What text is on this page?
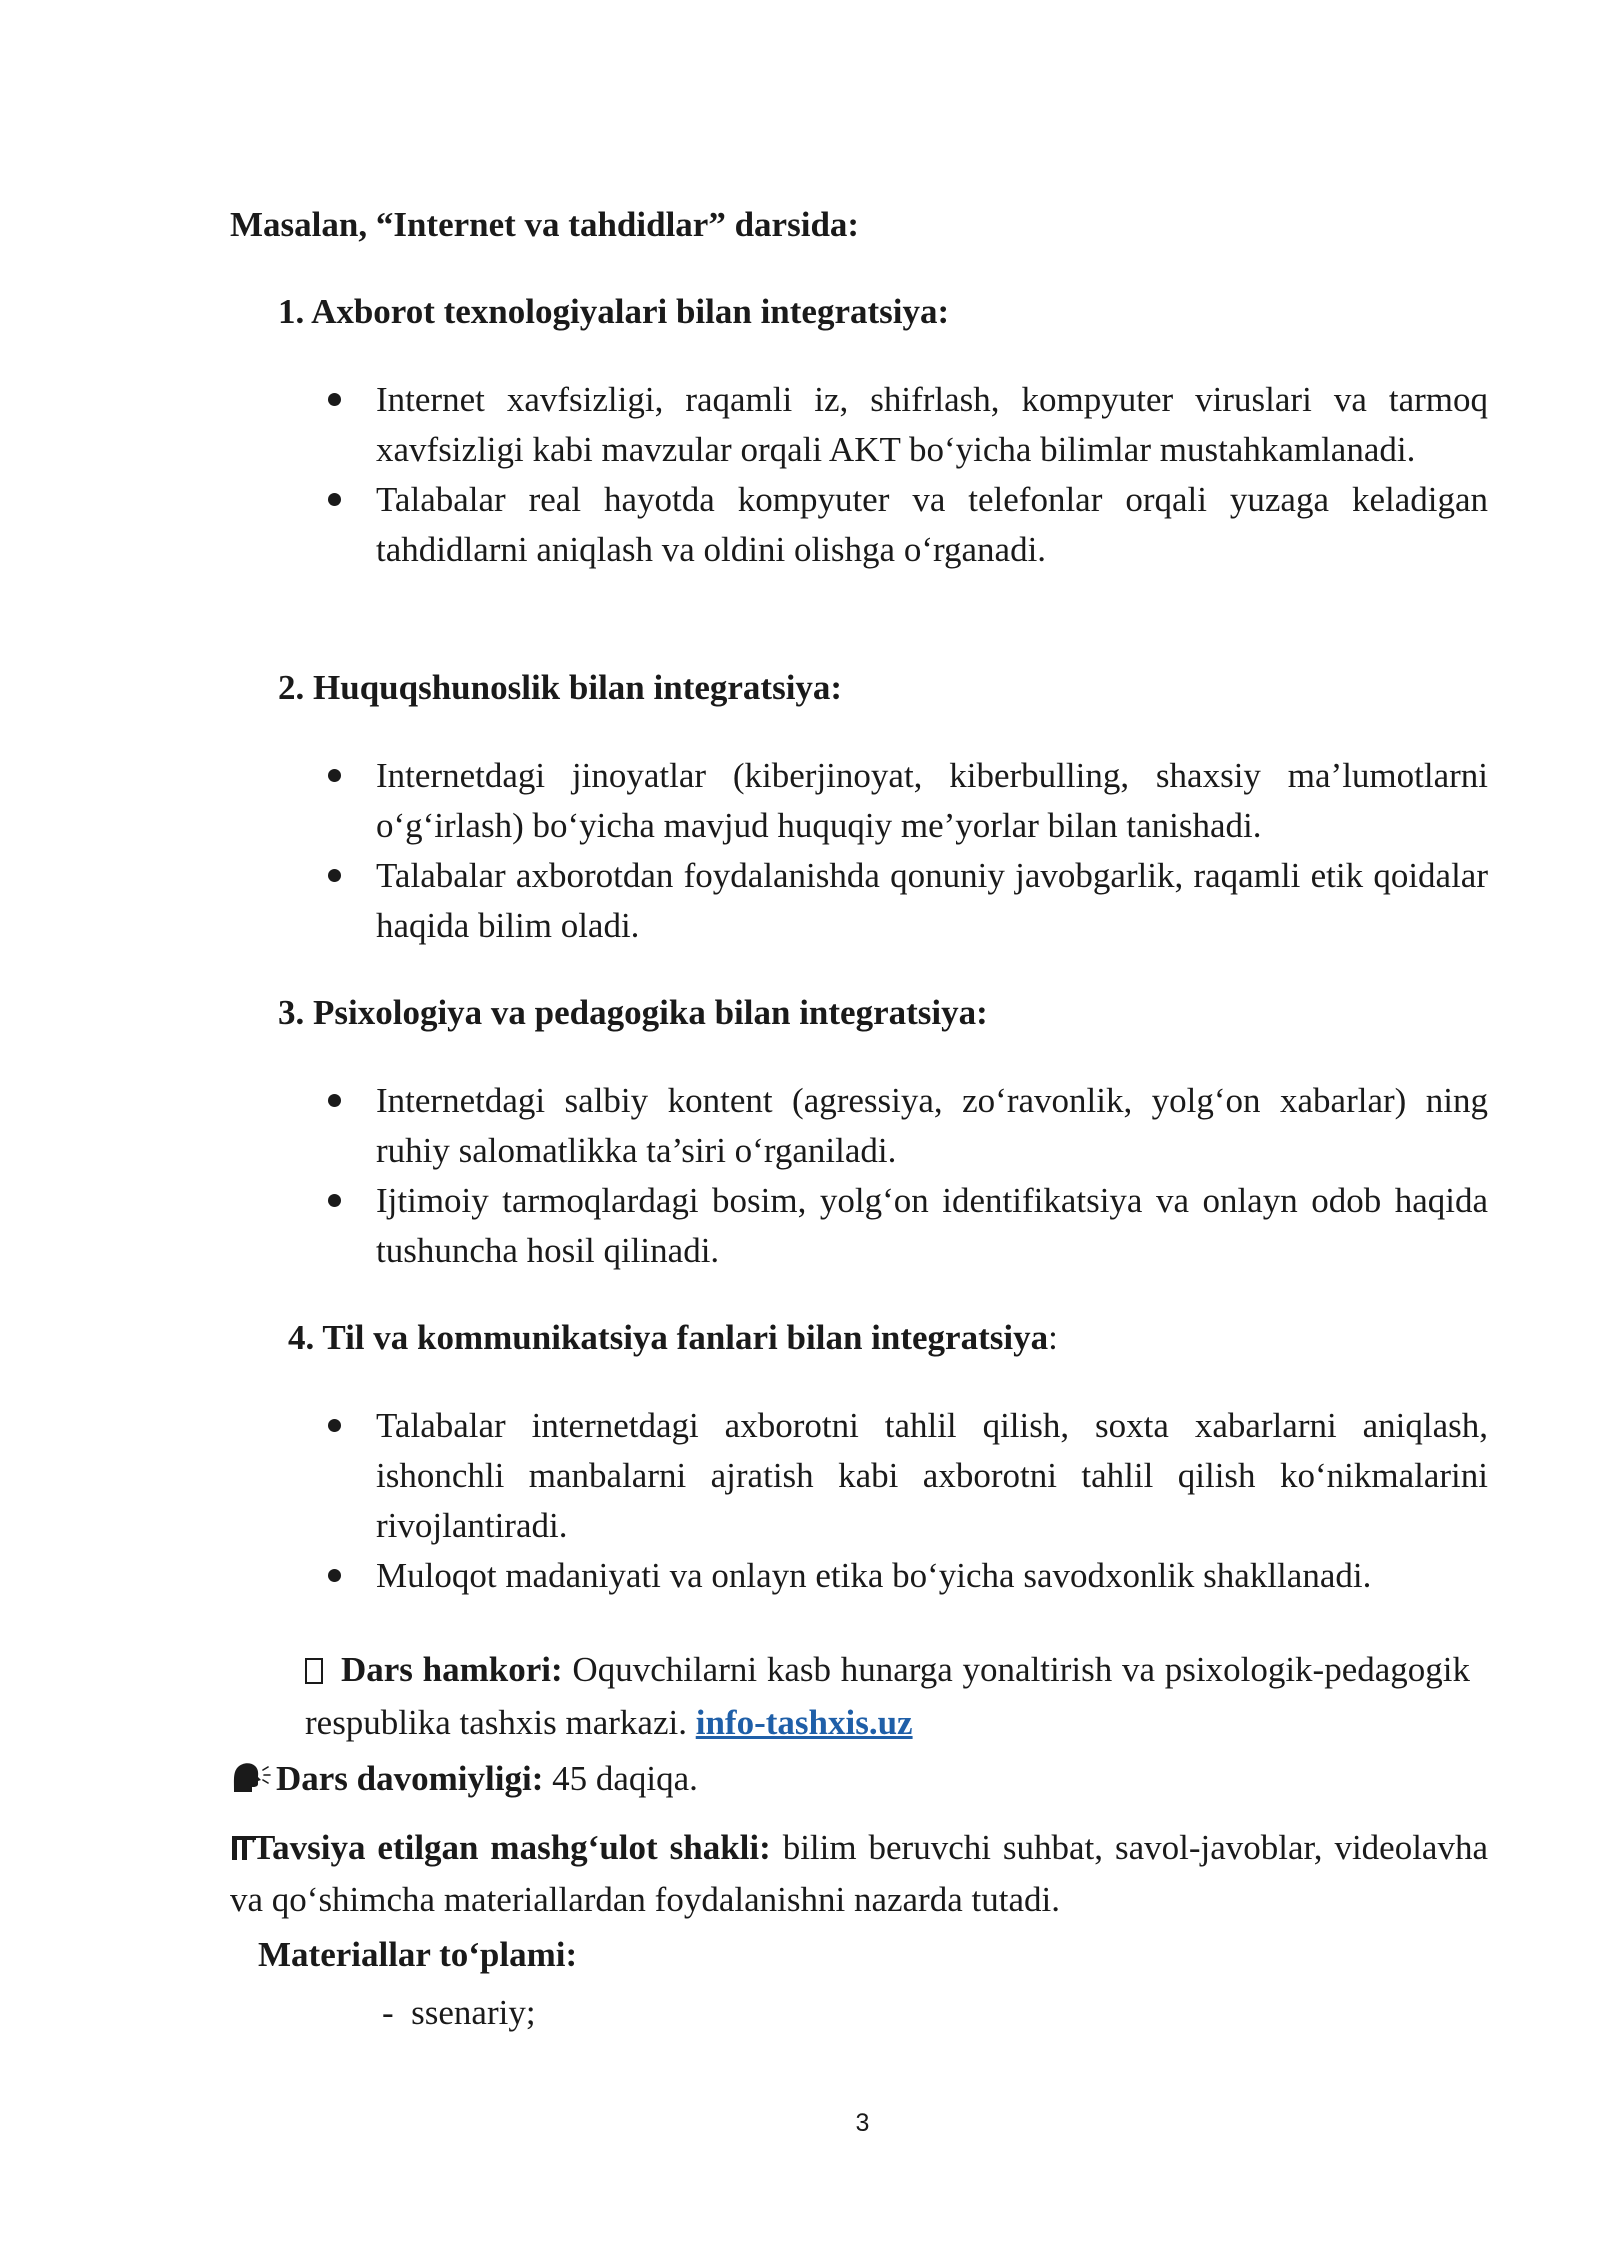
Masalan, “Internet va tahdidlar” darsida:
1. Axborot texnologiyalari bilan integratsiya:
Internet xavfsizligi, raqamli iz, shifrlash, kompyuter viruslari va tarmoq xavfsizligi kabi mavzular orqali AKT bo‘yicha bilimlar mustahkamlanadi.
Talabalar real hayotda kompyuter va telefonlar orqali yuzaga keladigan tahdidlarni aniqlash va oldini olishga o‘rganadi.
2. Huquqshunoslik bilan integratsiya:
Internetdagi jinoyatlar (kiberjinoyat, kiberbulling, shaxsiy ma’lumotlarni o‘g‘irlash) bo‘yicha mavjud huquqiy me’yorlar bilan tanishadi.
Talabalar axborotdan foydalanishda qonuniy javobgarlik, raqamli etik qoidalar haqida bilim oladi.
3. Psixologiya va pedagogika bilan integratsiya:
Internetdagi salbiy kontent (agressiya, zo‘ravonlik, yolg‘on xabarlar) ning ruhiy salomatlikka ta’siri o‘rganiladi.
Ijtimoiy tarmoqlardagi bosim, yolg‘on identifikatsiya va onlayn odob haqida tushuncha hosil qilinadi.
4. Til va kommunikatsiya fanlari bilan integratsiya:
Talabalar internetdagi axborotni tahlil qilish, soxta xabarlarni aniqlash, ishonchli manbalarni ajratish kabi axborotni tahlil qilish ko‘nikmalarini rivojlantiradi.
Muloqot madaniyati va onlayn etika bo‘yicha savodxonlik shakllanadi.
Dars hamkori: Oquvchilarni kasb hunarga yonaltirish va psixologik-pedagogik respublika tashxis markazi. info-tashxis.uz
Dars davomiyligi: 45 daqiqa.
Tavsiya etilgan mashg‘ulot shakli: bilim beruvchi suhbat, savol-javoblar, videolavha va qo‘shimcha materiallardan foydalanishni nazarda tutadi.
Materiallar to‘plami:
- ssenariy;
3
